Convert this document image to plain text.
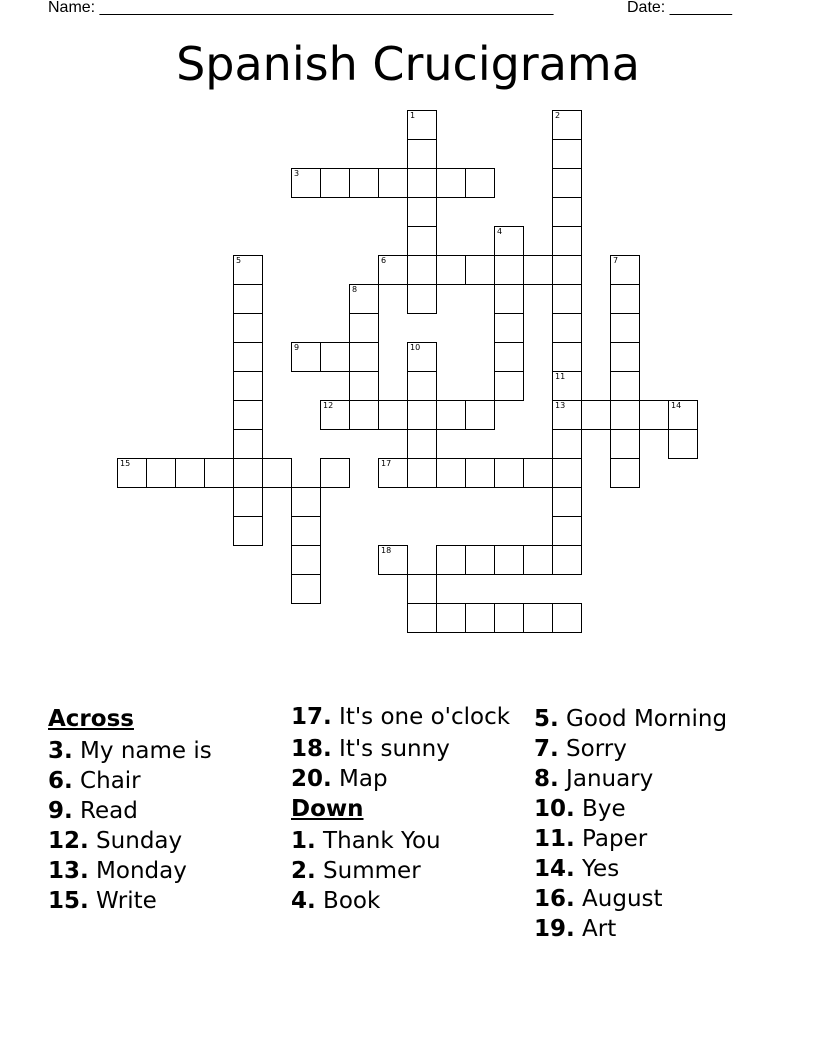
Name: ___________________________________________________	Date: _______
Spanish Crucigrama
1	2
11
13
3
4
5	6	7
8
9	10
12	14
15	17
18
Across
3. My name is
6. Chair
9. Read
12. Sunday
13. Monday
15. Write
17. It's one o'clock
18. It's sunny
20. Map
Down
1. Thank You
2. Summer
4. Book
5. Good Morning
7. Sorry
8. January
10. Bye
11. Paper
14. Yes
16. August
19. Art
